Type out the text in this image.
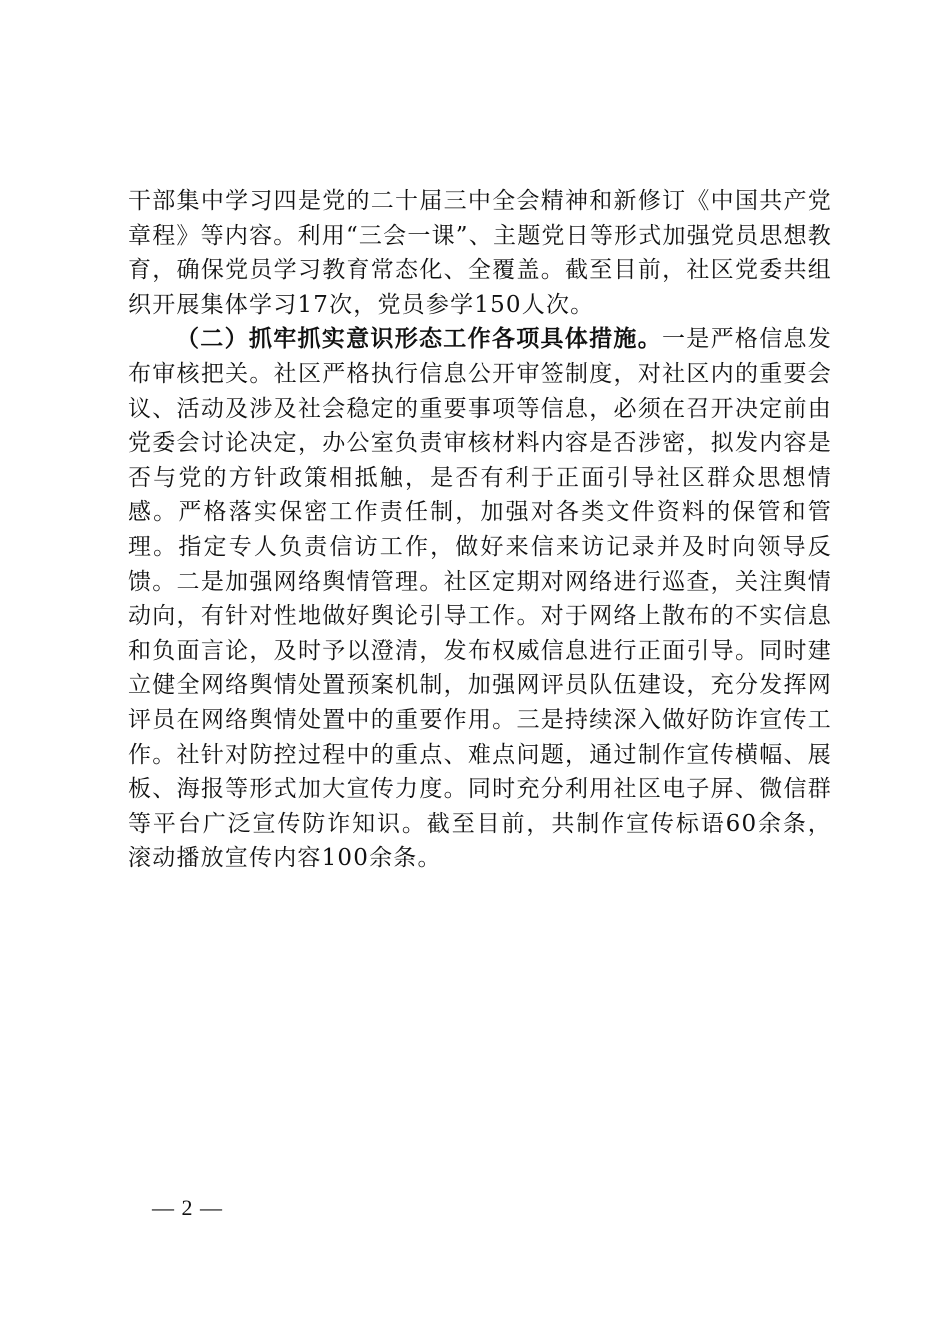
干部集中学习四是党的二十届三中全会精神和新修订《中国共产党章程》等内容。利用“三会一课”、主题党日等形式加强党员思想教育，确保党员学习教育常态化、全覆盖。截至目前，社区党委共组织开展集体学习17次，党员参学150人次。

（二）抓牢抓实意识形态工作各项具体措施。一是严格信息发布审核把关。社区严格执行信息公开审签制度，对社区内的重要会议、活动及涉及社会稳定的重要事项等信息，必须在召开决定前由党委会讨论决定，办公室负责审核材料内容是否涉密，拟发内容是否与党的方针政策相抵触，是否有利于正面引导社区群众思想情感。严格落实保密工作责任制，加强对各类文件资料的保管和管理。指定专人负责信访工作，做好来信来访记录并及时向领导反馈。二是加强网络舆情管理。社区定期对网络进行巡查，关注舆情动向，有针对性地做好舆论引导工作。对于网络上散布的不实信息和负面言论，及时予以澄清，发布权威信息进行正面引导。同时建立健全网络舆情处置预案机制，加强网评员队伍建设，充分发挥网评员在网络舆情处置中的重要作用。三是持续深入做好防诈宣传工作。社针对防控过程中的重点、难点问题，通过制作宣传横幅、展板、海报等形式加大宣传力度。同时充分利用社区电子屏、微信群等平台广泛宣传防诈知识。截至目前，共制作宣传标语60余条，滚动播放宣传内容100余条。

— 2 —
